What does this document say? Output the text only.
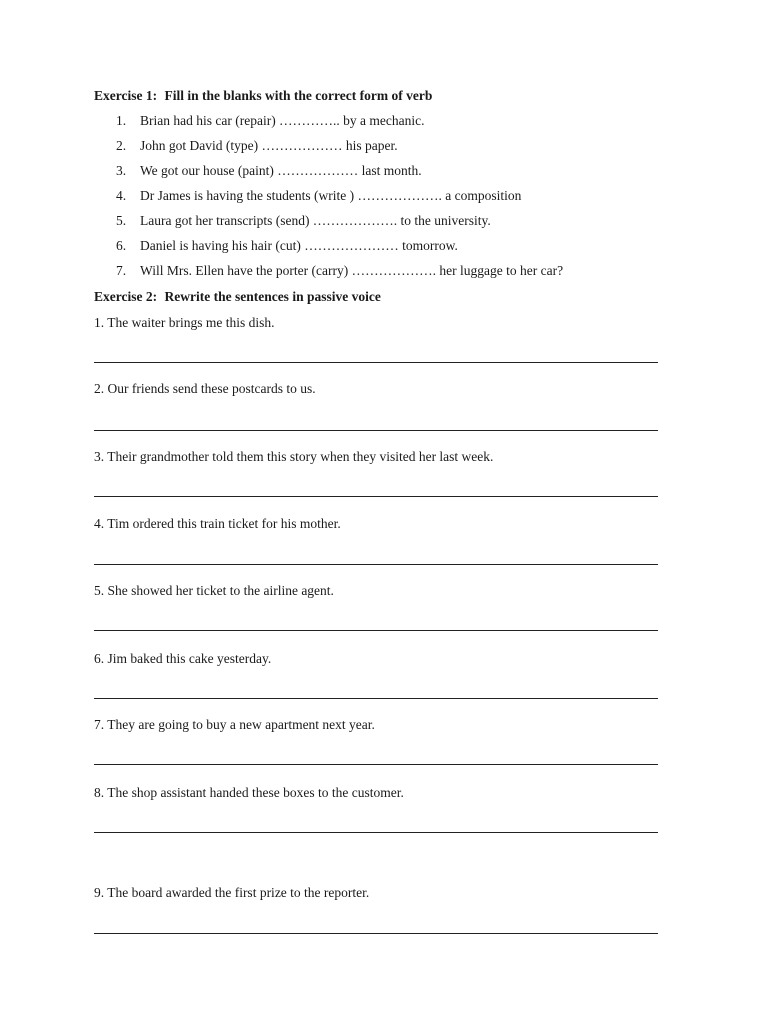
Exercise 1: Fill in the blanks with the correct form of verb
1. Brian had his car (repair) ………….. by a mechanic.
2. John got David (type) ……………… his paper.
3. We got our house (paint) ……………… last month.
4. Dr James is having the students (write ) ………………. a composition
5. Laura got her transcripts (send) ………………. to the university.
6. Daniel is having his hair (cut) ………………… tomorrow.
7. Will Mrs. Ellen have the porter (carry) ………………. her luggage to her car?
Exercise 2: Rewrite the sentences in passive voice
1. The waiter brings me this dish.
2. Our friends send these postcards to us.
3. Their grandmother told them this story when they visited her last week.
4. Tim ordered this train ticket for his mother.
5. She showed her ticket to the airline agent.
6. Jim baked this cake yesterday.
7. They are going to buy a new apartment next year.
8. The shop assistant handed these boxes to the customer.
9. The board awarded the first prize to the reporter.
